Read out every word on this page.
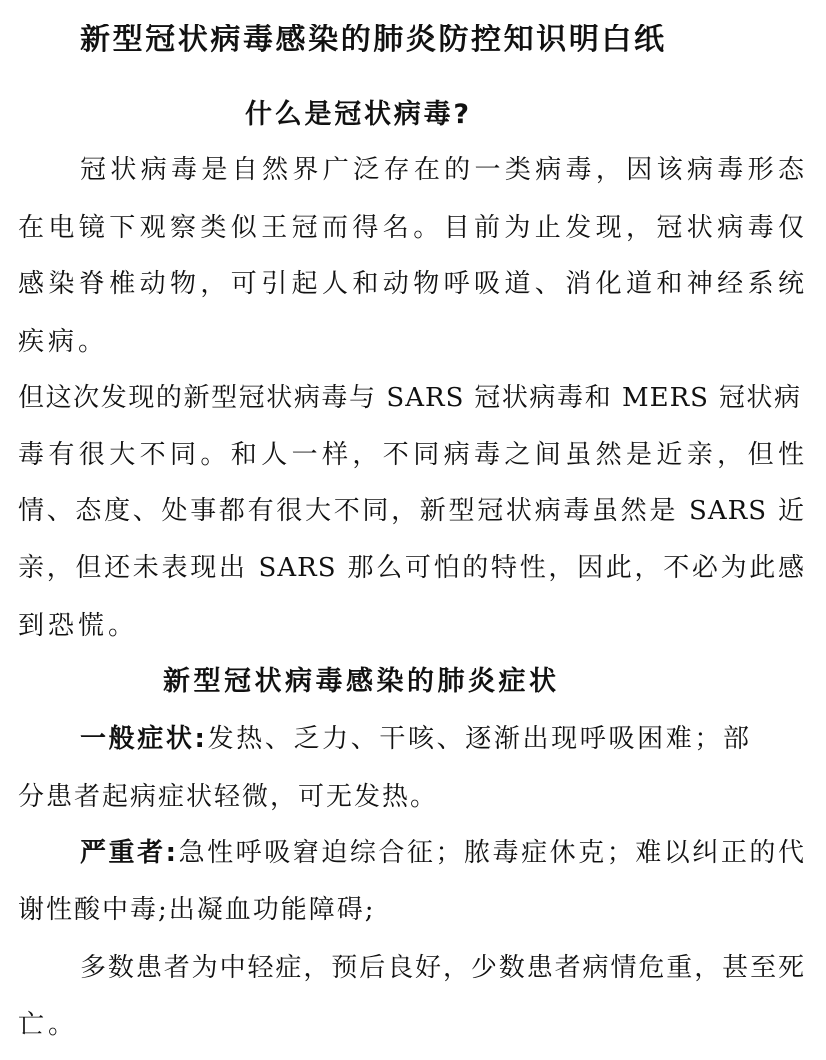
新型冠状病毒感染的肺炎防控知识明白纸
什么是冠状病毒?
冠状病毒是自然界广泛存在的一类病毒，因该病毒形态
在电镜下观察类似王冠而得名。目前为止发现，冠状病毒仅
感染脊椎动物，可引起人和动物呼吸道、消化道和神经系统
疾病。
但这次发现的新型冠状病毒与 SARS 冠状病毒和 MERS 冠状病
毒有很大不同。和人一样，不同病毒之间虽然是近亲，但性
情、态度、处事都有很大不同，新型冠状病毒虽然是 SARS 近
亲，但还未表现出 SARS 那么可怕的特性，因此，不必为此感
到恐慌。
新型冠状病毒感染的肺炎症状
一般症状:发热、乏力、干咳、逐渐出现呼吸困难；部
分患者起病症状轻微，可无发热。
严重者:急性呼吸窘迫综合征；脓毒症休克；难以纠正的代
谢性酸中毒;出凝血功能障碍;
多数患者为中轻症，预后良好，少数患者病情危重，甚至死
亡。
